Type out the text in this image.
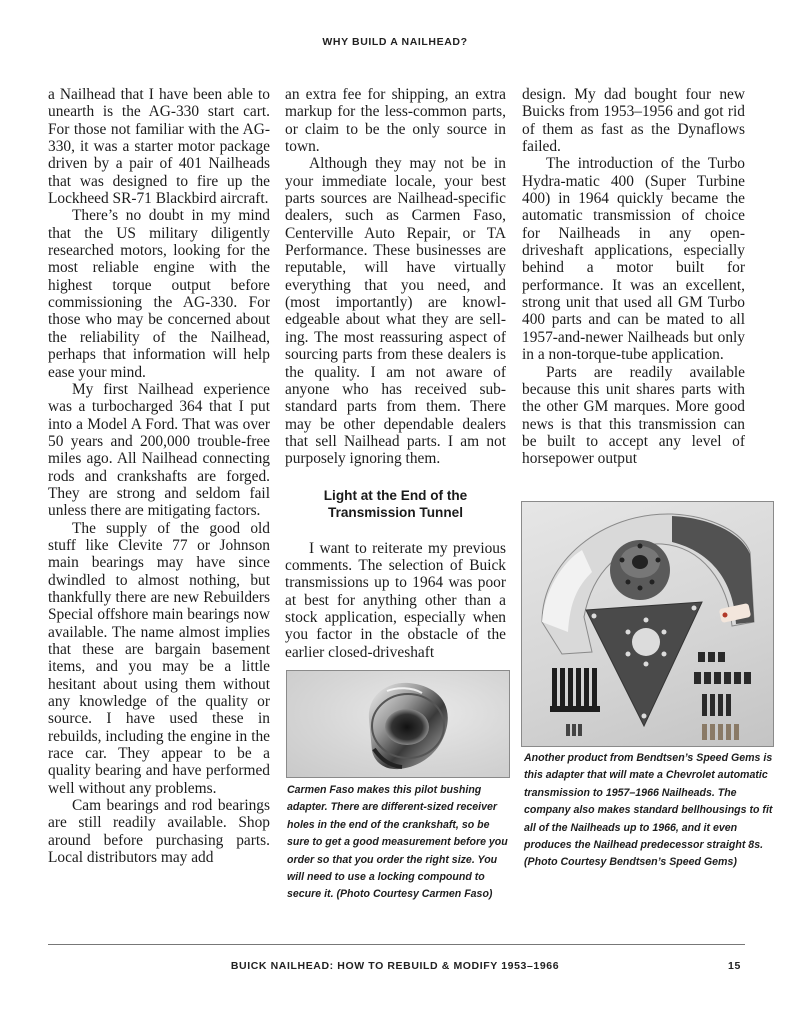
WHY BUILD A NAILHEAD?

a Nailhead that I have been able to unearth is the AG-330 start cart. For those not familiar with the AG-330, it was a starter motor package driven by a pair of 401 Nailheads that was designed to fire up the Lockheed SR-71 Blackbird aircraft.

There’s no doubt in my mind that the US military diligently researched motors, looking for the most reliable engine with the highest torque output before commissioning the AG-330. For those who may be concerned about the reliability of the Nailhead, perhaps that information will help ease your mind.

My first Nailhead experience was a turbocharged 364 that I put into a Model A Ford. That was over 50 years and 200,000 trouble-free miles ago. All Nailhead connecting rods and crankshafts are forged. They are strong and seldom fail unless there are mitigating factors.

The supply of the good old stuff like Clevite 77 or Johnson main bearings may have since dwindled to almost nothing, but thankfully there are new Rebuilders Special offshore main bearings now available. The name almost implies that these are bargain basement items, and you may be a little hesitant about using them without any knowledge of the quality or source. I have used these in rebuilds, including the engine in the race car. They appear to be a quality bearing and have performed well without any problems.

Cam bearings and rod bearings are still readily available. Shop around before purchasing parts. Local distributors may add

an extra fee for shipping, an extra markup for the less-common parts, or claim to be the only source in town.

Although they may not be in your immediate locale, your best parts sources are Nailhead-specific dealers, such as Carmen Faso, Centerville Auto Repair, or TA Performance. These businesses are reputable, will have virtually everything that you need, and (most importantly) are knowledgeable about what they are selling. The most reassuring aspect of sourcing parts from these dealers is the quality. I am not aware of anyone who has received substandard parts from them. There may be other dependable dealers that sell Nailhead parts. I am not purposely ignoring them.

Light at the End of the
Transmission Tunnel

I want to reiterate my previous comments. The selection of Buick transmissions up to 1964 was poor at best for anything other than a stock application, especially when you factor in the obstacle of the earlier closed-driveshaft

design. My dad bought four new Buicks from 1953–1956 and got rid of them as fast as the Dynaflows failed.

The introduction of the Turbo Hydra-matic 400 (Super Turbine 400) in 1964 quickly became the automatic transmission of choice for Nailheads in any open-driveshaft applications, especially behind a motor built for performance. It was an excellent, strong unit that used all GM Turbo 400 parts and can be mated to all 1957-and-newer Nailheads but only in a non-torque-tube application.

Parts are readily available because this unit shares parts with the other GM marques. More good news is that this transmission can be built to accept any level of horsepower output

Carmen Faso makes this pilot bushing adapter. There are different-sized receiver holes in the end of the crankshaft, so be sure to get a good measurement before you order so that you order the right size. You will need to use a locking compound to secure it. (Photo Courtesy Carmen Faso)
Another product from Bendtsen’s Speed Gems is this adapter that will mate a Chevrolet automatic transmission to 1957–1966 Nailheads. The company also makes standard bellhousings to fit all of the Nailheads up to 1966, and it even produces the Nailhead predecessor straight 8s. (Photo Courtesy Bendtsen’s Speed Gems)
BUICK NAILHEAD: HOW TO REBUILD & MODIFY 1953–1966	15
